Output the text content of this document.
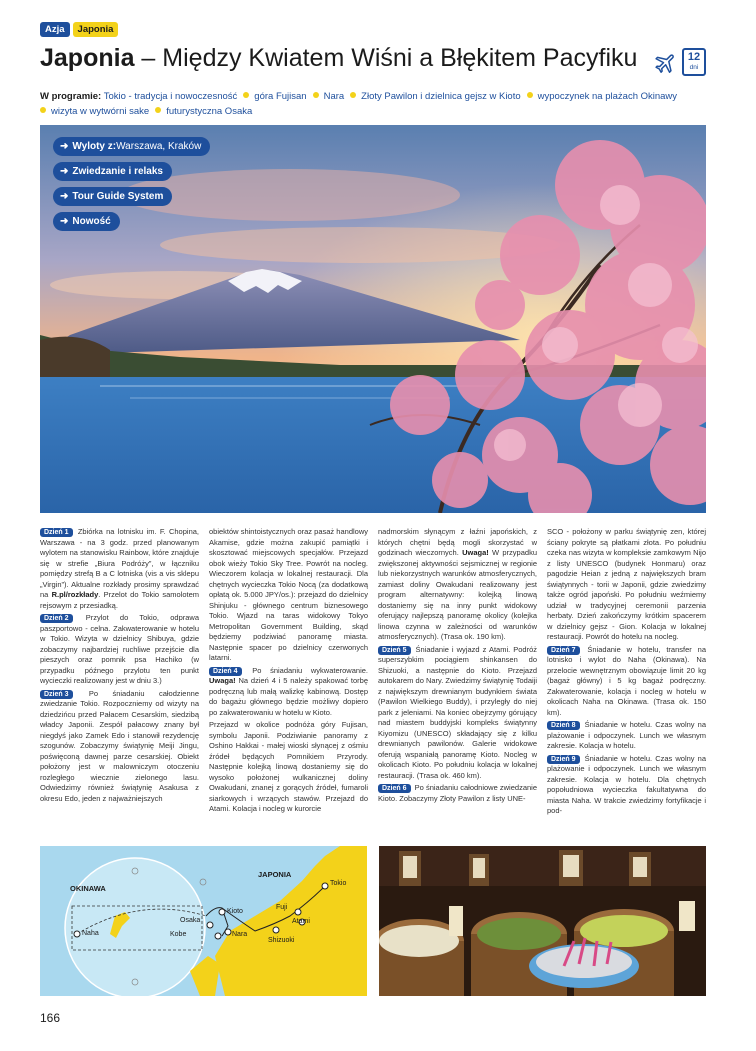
Azja	Japonia
Japonia – Między Kwiatem Wiśni a Błękitem Pacyfiku	12
dni
W programie: Tokio - tradycja i nowoczesność góra Fujisan Nara Złoty Pawilon i dzielnica gejsz w Kioto wypoczynek na plażach Okinawy
wizyta w wytwórni sake futurystyczna Osaka
➜ Wyloty z: Warszawa, Kraków
➜ Zwiedzanie i relaks
➜ Tour Guide System
➜ Nowość

Dzień 1 Zbiórka na lotnisku im. F. Chopina, Warszawa - na 3 godz. przed planowanym wylotem na stanowisku Rainbow, które znajduje się w strefie „Biura Podróży”, w łączniku pomiędzy strefą B a C lotniska (vis a vis sklepu „Virgin”). Aktualne rozkłady prosimy sprawdzać na R.pl/rozkłady. Przelot do Tokio samolotem rejsowym z przesiadką.

Dzień 2 Przylot do Tokio, odprawa paszportowo - celna. Zakwaterowanie w hotelu w Tokio. Wizyta w dzielnicy Shibuya, gdzie zobaczymy najbardziej ruchliwe przejście dla pieszych oraz pomnik psa Hachiko (w przypadku późnego przylotu ten punkt wycieczki realizowany jest w dniu 3.)

Dzień 3 Po śniadaniu całodzienne zwiedzanie Tokio. Rozpoczniemy od wizyty na dziedzińcu przed Pałacem Cesarskim, siedzibą władcy Japonii. Zespół pałacowy znany był niegdyś jako Zamek Edo i stanowił rezydencję szogunów. Zobaczymy świątynię Meiji Jingu, poświęconą dawnej parze cesarskiej. Obiekt położony jest w malowniczym otoczeniu rozległego wiecznie zielonego lasu. Odwiedzimy również świątynię Asakusa z okresu Edo, jeden z najważniejszych

obiektów shintoistycznych oraz pasaż handlowy Akamise, gdzie można zakupić pamiątki i skosztować miejscowych specjałów. Przejazd obok wieży Tokio Sky Tree. Powrót na nocleg. Wieczorem kolacja w lokalnej restauracji. Dla chętnych wycieczka Tokio Nocą (za dodatkową opłatą ok. 5.000 JPY/os.): przejazd do dzielnicy Shinjuku - głównego centrum biznesowego Tokio. Wjazd na taras widokowy Tokyo Metropolitan Government Building, skąd będziemy podziwiać panoramę miasta. Następnie spacer po dzielnicy czerwonych latarni.

Dzień 4 Po śniadaniu wykwaterowanie. Uwaga! Na dzień 4 i 5 należy spakować torbę podręczną lub małą walizkę kabinową. Dostęp do bagażu głównego będzie możliwy dopiero po zakwaterowaniu w hotelu w Kioto.

Przejazd w okolice podnóża góry Fujisan, symbolu Japonii. Podziwianie panoramy z Oshino Hakkai - małej wioski słynącej z ośmiu źródeł będących Pomnikiem Przyrody. Następnie kolejką linową dostaniemy się do wysoko położonej wulkanicznej doliny Owakudani, znanej z gorących źródeł, fumaroli siarkowych i wrzących stawów. Przejazd do Atami. Kolacja i nocleg w kurorcie

nadmorskim słynącym z łaźni japońskich, z których chętni będą mogli skorzystać w godzinach wieczornych. Uwaga! W przypadku zwiększonej aktywności sejsmicznej w regionie lub niekorzystnych warunków atmosferycznych, zamiast doliny Owakudani realizowany jest program alternatywny: kolejką linową dostaniemy się na inny punkt widokowy oferujący najlepszą panoramę okolicy (kolejka linowa czynna w zależności od warunków atmosferycznych). (Trasa ok. 190 km).

Dzień 5 Śniadanie i wyjazd z Atami. Podróż superszybkim pociągiem shinkansen do Shizuoki, a następnie do Kioto. Przejazd autokarem do Nary. Zwiedzimy świątynię Todaiji z największym drewnianym budynkiem świata (Pawilon Wielkiego Buddy), i przyległy do niej park z jeleniami. Na koniec obejrzymy górujący nad miastem buddyjski kompleks świątynny Kiyomizu (UNESCO) składający się z kilku drewnianych pawilonów. Galerie widokowe oferują wspaniałą panoramę Kioto. Nocleg w okolicach Kioto. Po południu kolacja w lokalnej restauracji. (Trasa ok. 460 km).

Dzień 6 Po śniadaniu całodniowe zwiedzanie Kioto. Zobaczymy Złoty Pawilon z listy UNE-

SCO - położony w parku świątynię zen, której ściany pokryte są płatkami złota. Po południu czeka nas wizyta w kompleksie zamkowym Nijo z listy UNESCO (budynek Honmaru) oraz pagodzie Heian z jedną z największych bram świątynnych - torii w Japonii, gdzie zwiedzimy także ogród japoński. Po południu weźmiemy udział w tradycyjnej ceremonii parzenia herbaty. Dzień zakończymy krótkim spacerem w dzielnicy gejsz - Gion. Kolacja w lokalnej restauracji. Powrót do hotelu na nocleg.

Dzień 7 Śniadanie w hotelu, transfer na lotnisko i wylot do Naha (Okinawa). Na przelocie wewnętrznym obowiązuje limit 20 kg (bagaż główny) i 5 kg bagaż podręczny. Zakwaterowanie, kolacja i nocleg w hotelu w okolicach Naha na Okinawa. (Trasa ok. 150 km).

Dzień 8 Śniadanie w hotelu. Czas wolny na plażowanie i odpoczynek. Lunch we własnym zakresie. Kolacja w hotelu.

Dzień 9 Śniadanie w hotelu. Czas wolny na plażowanie i odpoczynek. Lunch we własnym zakresie. Kolacja w hotelu. Dla chętnych popołudniowa wycieczka fakultatywna do miasta Naha. W trakcie zwiedzimy fortyfikacje i pod-

OKINAWA
Naha
JAPONIA
Tokio
Fuji
Atami
Shizuoki
Kioto
Osaka
Kobe	Nara
166
